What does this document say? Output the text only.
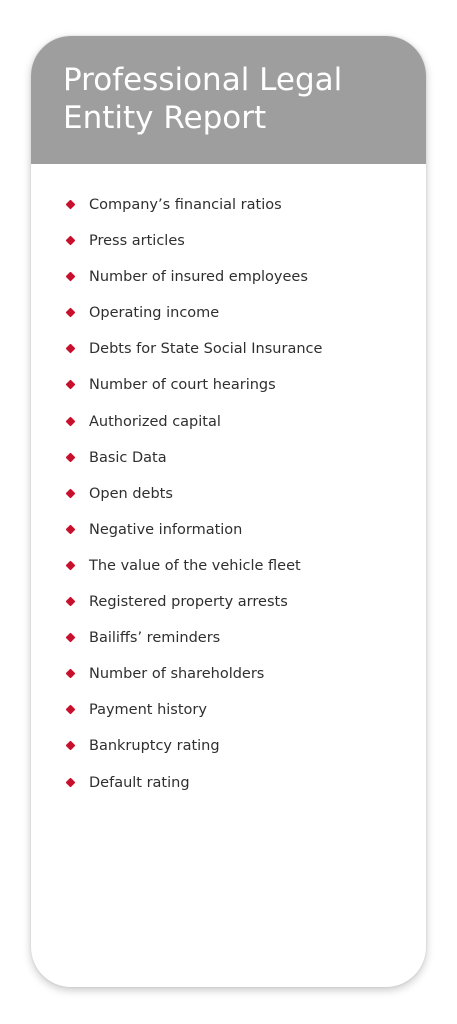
Professional Legal Entity Report
Company’s financial ratios
Press articles
Number of insured employees
Operating income
Debts for State Social Insurance
Number of court hearings
Authorized capital
Basic Data
Open debts
Negative information
The value of the vehicle fleet
Registered property arrests
Bailiffs’ reminders
Number of shareholders
Payment history
Bankruptcy rating
Default rating
